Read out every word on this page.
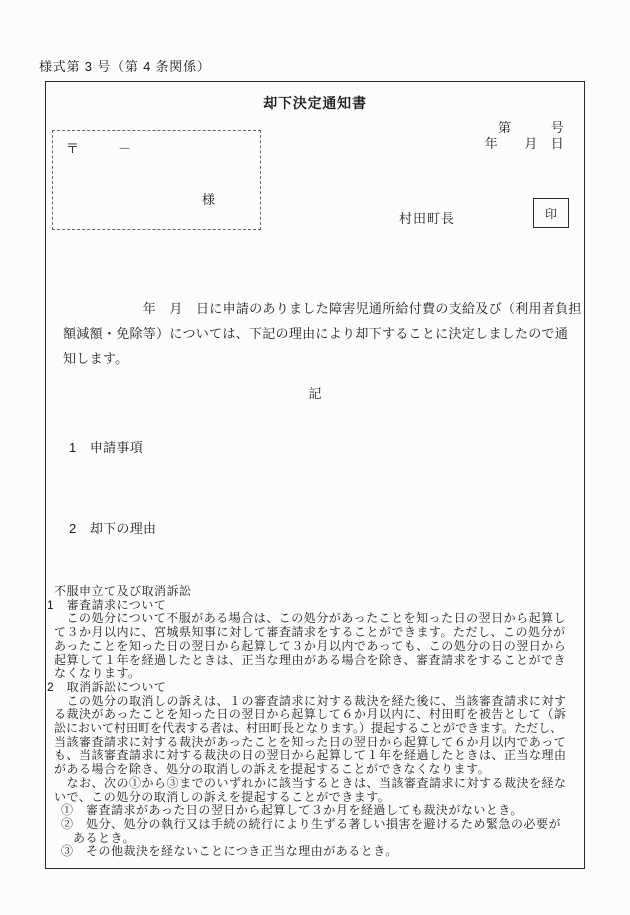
様式第 3 号（第 4 条関係）
却下決定通知書
第　　　号
年　　月　日
〒　　　－
様
村田町長	印
　　　　　　年　月　日に申請のありました障害児通所給付費の支給及び（利用者負担
額減額・免除等）については、下記の理由により却下することに決定しましたので通
知します。
記
1　申請事項
2　却下の理由
不服申立て及び取消訴訟
1　審査請求について
　この処分について不服がある場合は、この処分があったことを知った日の翌日から起算し
て３か月以内に、宮城県知事に対して審査請求をすることができます。ただし、この処分が
あったことを知った日の翌日から起算して３か月以内であっても、この処分の日の翌日から
起算して１年を経過したときは、正当な理由がある場合を除き、審査請求をすることができ
なくなります。
2　取消訴訟について
　この処分の取消しの訴えは、１の審査請求に対する裁決を経た後に、当該審査請求に対す
る裁決があったことを知った日の翌日から起算して６か月以内に、村田町を被告として（訴
訟において村田町を代表する者は、村田町長となります。）提起することができます。ただし、
当該審査請求に対する裁決があったことを知った日の翌日から起算して６か月以内であって
も、当該審査請求に対する裁決の日の翌日から起算して１年を経過したときは、正当な理由
がある場合を除き、処分の取消しの訴えを提起することができなくなります。
　なお、次の①から③までのいずれかに該当するときは、当該審査請求に対する裁決を経な
いで、この処分の取消しの訴えを提起することができます。
①　審査請求があった日の翌日から起算して３か月を経過しても裁決がないとき。
②　処分、処分の執行又は手続の続行により生ずる著しい損害を避けるため緊急の必要が
あるとき。
③　その他裁決を経ないことにつき正当な理由があるとき。
